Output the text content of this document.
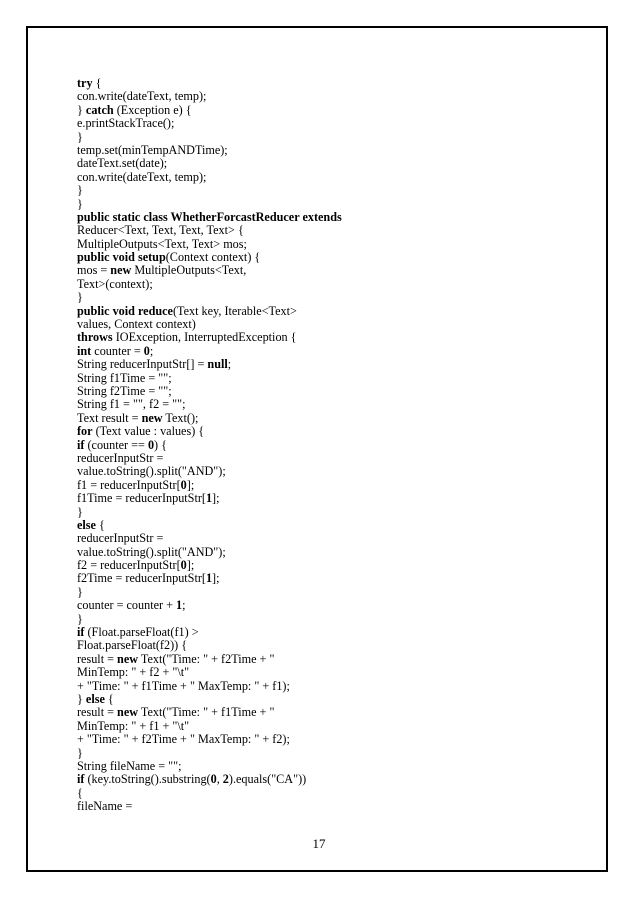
try {
con.write(dateText, temp);
} catch (Exception e) {
e.printStackTrace();
}
temp.set(minTempANDTime);
dateText.set(date);
con.write(dateText, temp);
}
}
public static class WhetherForcastReducer extends
Reducer<Text, Text, Text, Text> {
MultipleOutputs<Text, Text> mos;
public void setup(Context context) {
mos = new MultipleOutputs<Text,
Text>(context);
}
public void reduce(Text key, Iterable<Text>
values, Context context)
throws IOException, InterruptedException {
int counter = 0;
String reducerInputStr[] = null;
String f1Time = "";
String f2Time = "";
String f1 = "", f2 = "";
Text result = new Text();
for (Text value : values) {
if (counter == 0) {
reducerInputStr =
value.toString().split("AND");
f1 = reducerInputStr[0];
f1Time = reducerInputStr[1];
}
else {
reducerInputStr =
value.toString().split("AND");
f2 = reducerInputStr[0];
f2Time = reducerInputStr[1];
}
counter = counter + 1;
}
if (Float.parseFloat(f1) >
Float.parseFloat(f2)) {
result = new Text("Time: " + f2Time + "
MinTemp: " + f2 + "\t"
+ "Time: " + f1Time + " MaxTemp: " + f1);
} else {
result = new Text("Time: " + f1Time + "
MinTemp: " + f1 + "\t"
+ "Time: " + f2Time + " MaxTemp: " + f2);
}
String fileName = "";
if (key.toString().substring(0, 2).equals("CA"))
{
fileName =
17
